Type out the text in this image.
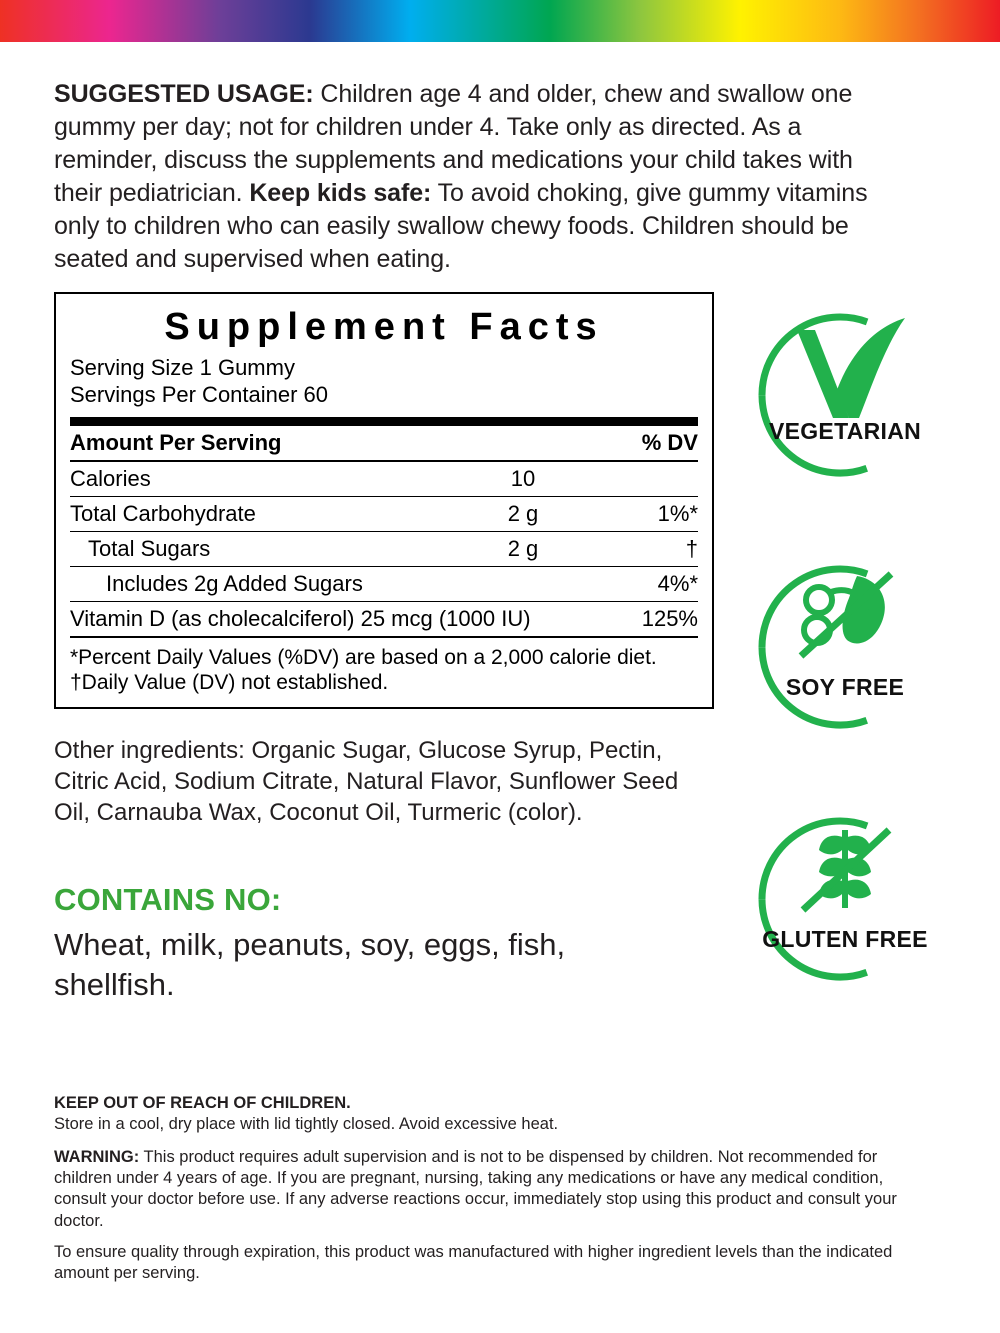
SUGGESTED USAGE: Children age 4 and older, chew and swallow one gummy per day; not for children under 4. Take only as directed. As a reminder, discuss the supplements and medications your child takes with their pediatrician. Keep kids safe: To avoid choking, give gummy vitamins only to children who can easily swallow chewy foods. Children should be seated and supervised when eating.
Supplement Facts
Serving Size 1 Gummy
Servings Per Container 60
Amount Per Serving		% DV
Calories	10	
Total Carbohydrate	2 g	1%*
Total Sugars	2 g	†
Includes 2g Added Sugars		4%*
Vitamin D (as cholecalciferol) 25 mcg (1000 IU)		125%
*Percent Daily Values (%DV) are based on a 2,000 calorie diet.
†Daily Value (DV) not established.
Other ingredients: Organic Sugar, Glucose Syrup, Pectin, Citric Acid, Sodium Citrate, Natural Flavor, Sunflower Seed Oil, Carnauba Wax, Coconut Oil, Turmeric (color).
CONTAINS NO:
Wheat, milk, peanuts, soy, eggs, fish, shellfish.
VEGETARIAN
SOY FREE
GLUTEN FREE

KEEP OUT OF REACH OF CHILDREN.
Store in a cool, dry place with lid tightly closed. Avoid excessive heat.

WARNING: This product requires adult supervision and is not to be dispensed by children. Not recommended for children under 4 years of age. If you are pregnant, nursing, taking any medications or have any medical condition, consult your doctor before use. If any adverse reactions occur, immediately stop using this product and consult your doctor.

To ensure quality through expiration, this product was manufactured with higher ingredient levels than the indicated amount per serving.
